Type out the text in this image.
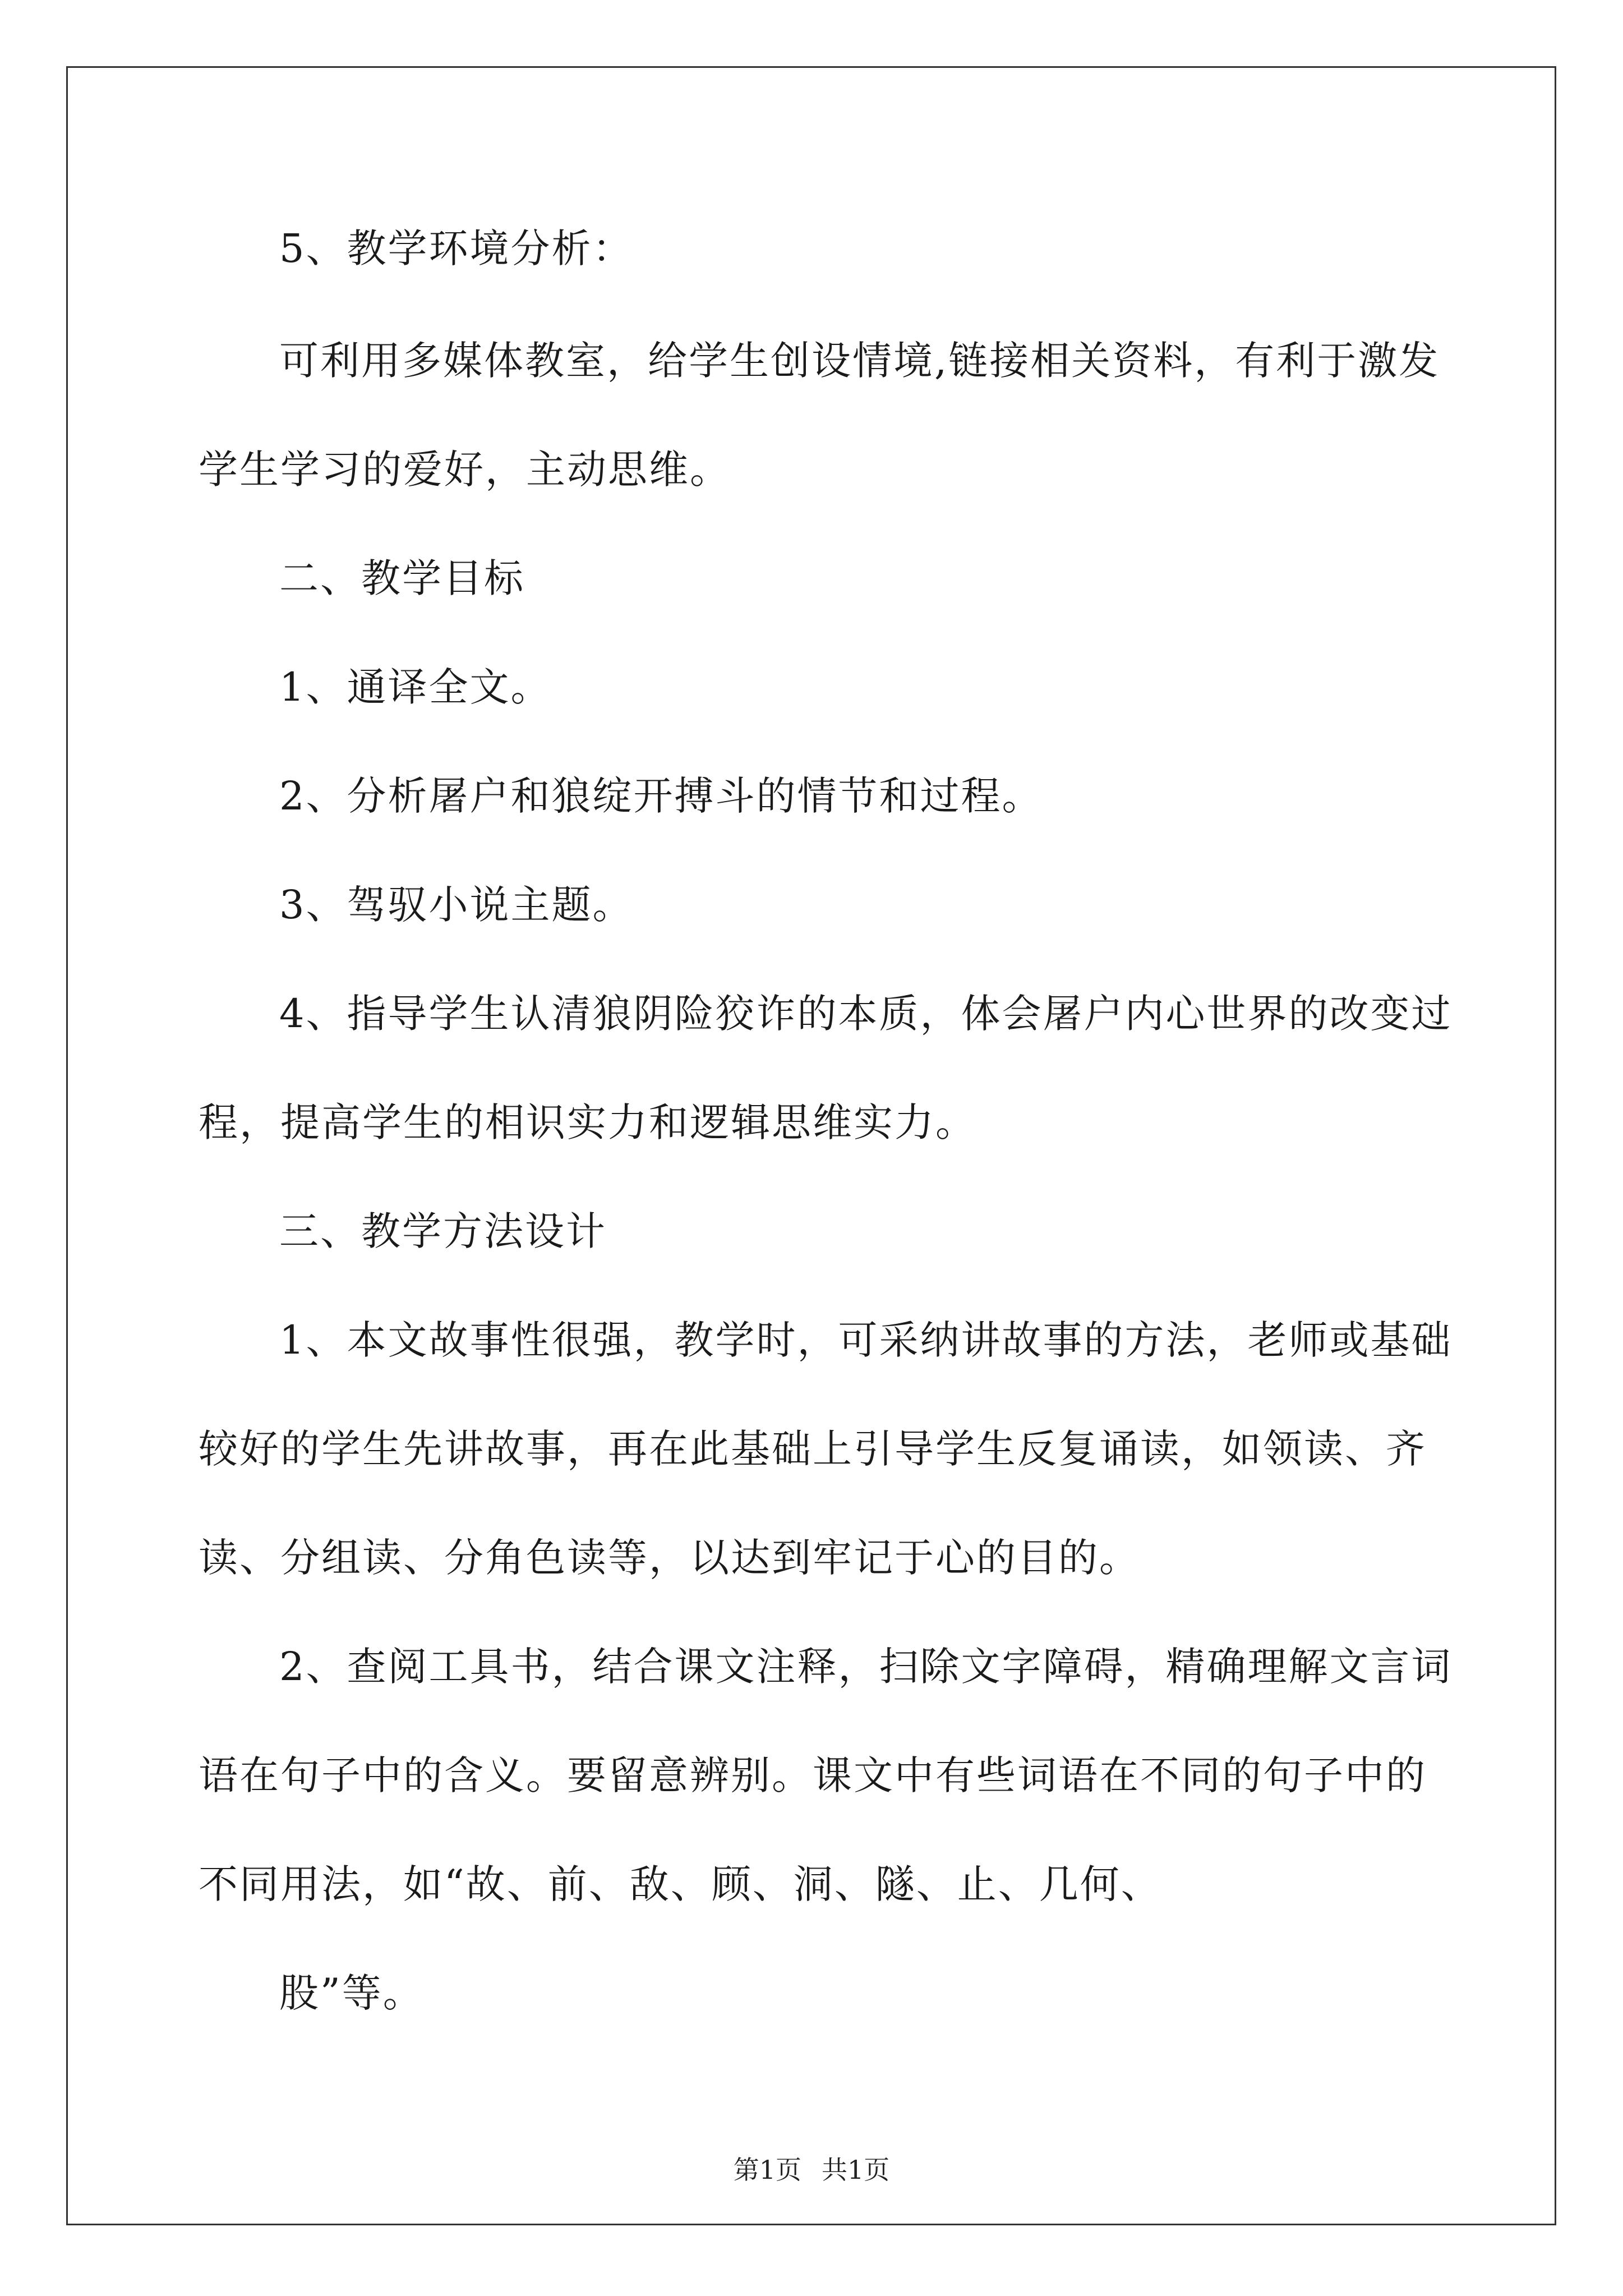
5、教学环境分析：
可利用多媒体教室，给学生创设情境,链接相关资料，有利于激发
学生学习的爱好，主动思维。
二、教学目标
1、通译全文。
2、分析屠户和狼绽开搏斗的情节和过程。
3、驾驭小说主题。
4、指导学生认清狼阴险狡诈的本质，体会屠户内心世界的改变过
程，提高学生的相识实力和逻辑思维实力。
三、教学方法设计
1、本文故事性很强，教学时，可采纳讲故事的方法，老师或基础
较好的学生先讲故事，再在此基础上引导学生反复诵读，如领读、齐
读、分组读、分角色读等，以达到牢记于心的目的。
2、查阅工具书，结合课文注释，扫除文字障碍，精确理解文言词
语在句子中的含义。要留意辨别。课文中有些词语在不同的句子中的
不同用法，如“故、前、敌、顾、洞、隧、止、几何、
股”等。
第1页 共1页
